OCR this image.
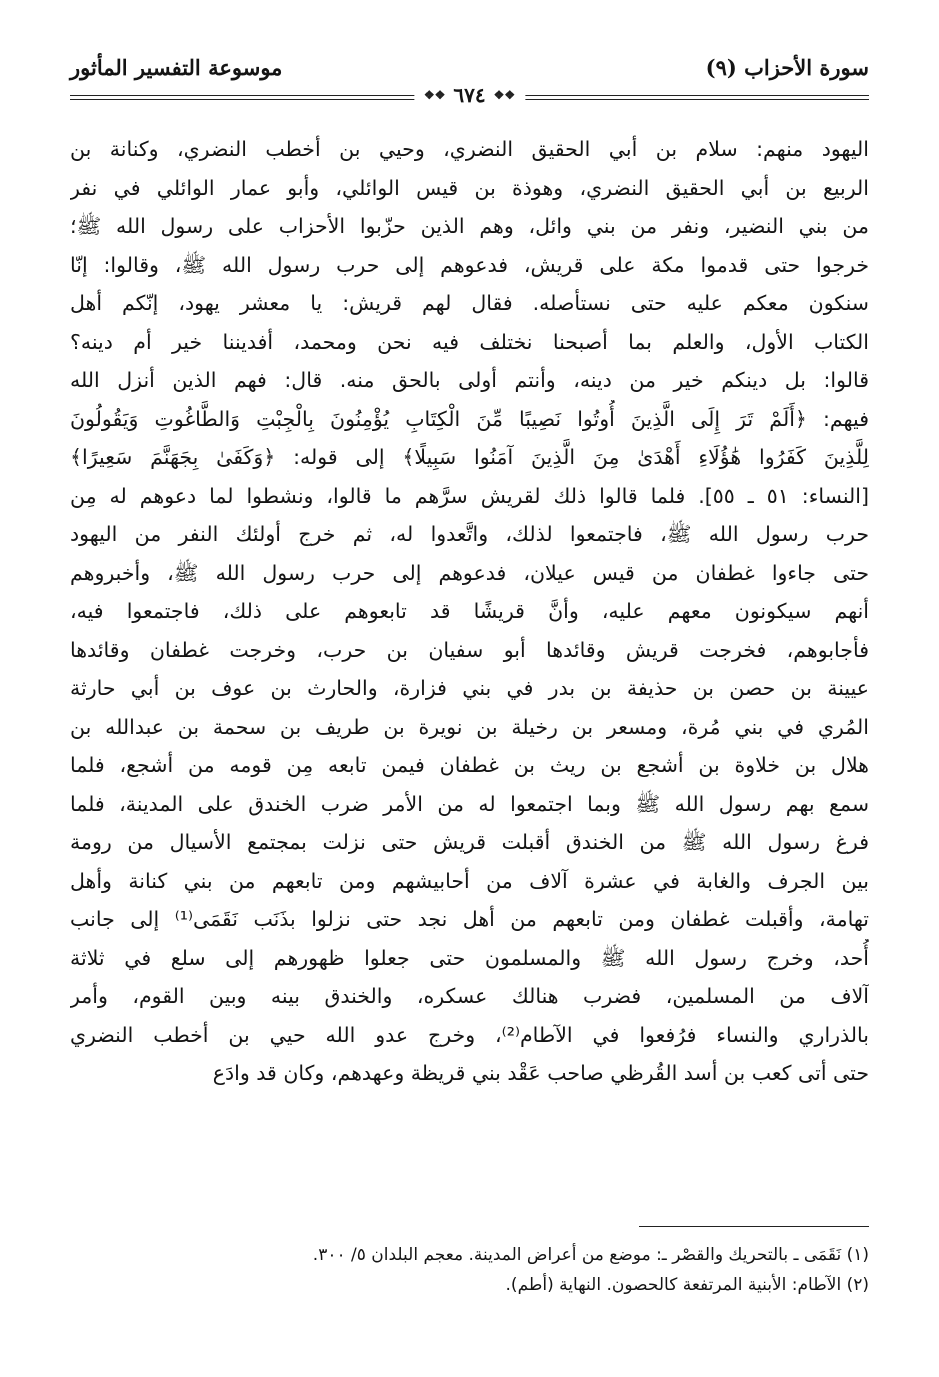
سورة الأحزاب (٩)
موسوعة التفسير المأثور
❖❖
٦٧٤
❖❖
اليهود منهم: سلام بن أبي الحقيق النضري، وحيي بن أخطب النضري، وكنانة بن
الربيع بن أبي الحقيق النضري، وهوذة بن قيس الوائلي، وأبو عمار الوائلي في نفر
من بني النضير، ونفر من بني وائل، وهم الذين حزّبوا الأحزاب على رسول الله ﷺ؛
خرجوا حتى قدموا مكة على قريش، فدعوهم إلى حرب رسول الله ﷺ، وقالوا: إنّا
سنكون معكم عليه حتى نستأصله. فقال لهم قريش: يا معشر يهود، إنّكم أهل
الكتاب الأول، والعلم بما أصبحنا نختلف فيه نحن ومحمد، أفديننا خير أم دينه؟
قالوا: بل دينكم خير من دينه، وأنتم أولى بالحق منه. قال: فهم الذين أنزل الله
فيهم: ﴿أَلَمْ تَرَ إِلَى الَّذِينَ أُوتُوا نَصِيبًا مِّنَ الْكِتَابِ يُؤْمِنُونَ بِالْجِبْتِ وَالطَّاغُوتِ وَيَقُولُونَ
لِلَّذِينَ كَفَرُوا هَٰؤُلَاءِ أَهْدَىٰ مِنَ الَّذِينَ آمَنُوا سَبِيلًا﴾ إلى قوله: ﴿وَكَفَىٰ بِجَهَنَّمَ سَعِيرًا﴾
[النساء: ٥١ ـ ٥٥]. فلما قالوا ذلك لقريش سرَّهم ما قالوا، ونشطوا لما دعوهم له مِن
حرب رسول الله ﷺ، فاجتمعوا لذلك، واتَّعدوا له، ثم خرج أولئك النفر من اليهود
حتى جاءوا غطفان من قيس عيلان، فدعوهم إلى حرب رسول الله ﷺ، وأخبروهم
أنهم سيكونون معهم عليه، وأنَّ قريشًا قد تابعوهم على ذلك، فاجتمعوا فيه،
فأجابوهم، فخرجت قريش وقائدها أبو سفيان بن حرب، وخرجت غطفان وقائدها
عيينة بن حصن بن حذيفة بن بدر في بني فزارة، والحارث بن عوف بن أبي حارثة
المُري في بني مُرة، ومسعر بن رخيلة بن نويرة بن طريف بن سحمة بن عبدالله بن
هلال بن خلاوة بن أشجع بن ريث بن غطفان فيمن تابعه مِن قومه من أشجع، فلما
سمع بهم رسول الله ﷺ وبما اجتمعوا له من الأمر ضرب الخندق على المدينة، فلما
فرغ رسول الله ﷺ من الخندق أقبلت قريش حتى نزلت بمجتمع الأسيال من رومة
بين الجرف والغابة في عشرة آلاف من أحابيشهم ومن تابعهم من بني كنانة وأهل
تهامة، وأقبلت غطفان ومن تابعهم من أهل نجد حتى نزلوا بذَنَب نَقَمَى⁽¹⁾ إلى جانب
أُحد، وخرج رسول الله ﷺ والمسلمون حتى جعلوا ظهورهم إلى سلع في ثلاثة
آلاف من المسلمين، فضرب هنالك عسكره، والخندق بينه وبين القوم، وأمر
بالذراري والنساء فرُفعوا في الآطام⁽²⁾، وخرج عدو الله حيي بن أخطب النضري
حتى أتى كعب بن أسد القُرظي صاحب عَقْد بني قريظة وعهدهم، وكان قد وادَع
(١) نَقَمَى ـ بالتحريك والقصْر ـ: موضع من أعراض المدينة. معجم البلدان ٥/ ٣٠٠.
(٢) الآطام: الأبنية المرتفعة كالحصون. النهاية (أطم).
